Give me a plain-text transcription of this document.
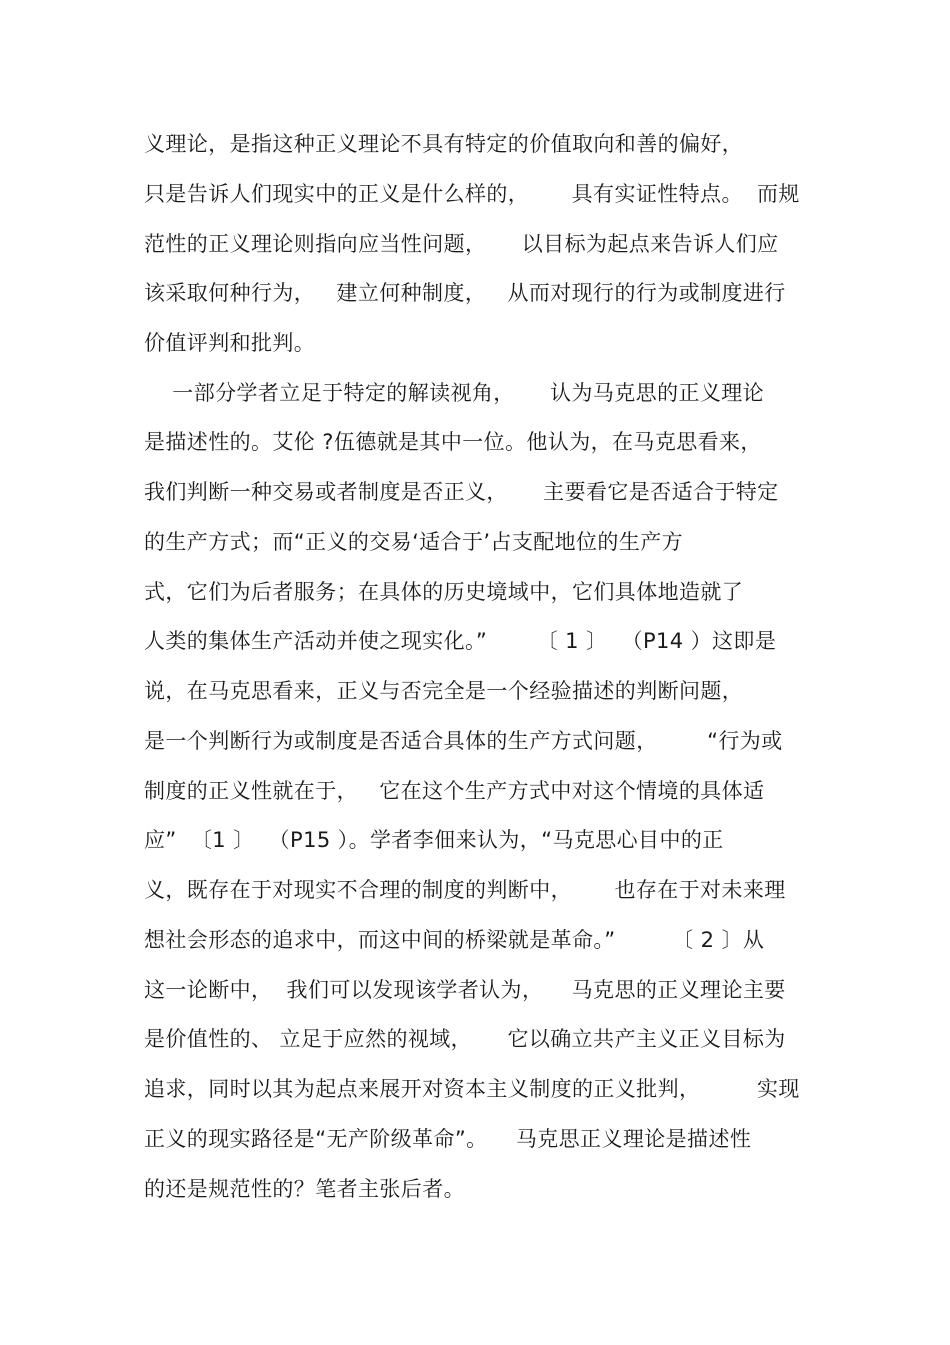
义理论，是指这种正义理论不具有特定的价值取向和善的偏好，
只是告诉人们现实中的正义是什么样的，      具有实证性特点。  而规
范性的正义理论则指向应当性问题，     以目标为起点来告诉人们应
该采取何种行为，   建立何种制度，   从而对现行的行为或制度进行
价值评判和批判。
一部分学者立足于特定的解读视角，     认为马克思的正义理论
是描述性的。艾伦 ?伍德就是其中一位。他认为，在马克思看来，
我们判断一种交易或者制度是否正义，     主要看它是否适合于特定
的生产方式；而“正义的交易‘适合于’占支配地位的生产方
式，它们为后者服务；在具体的历史境域中，它们具体地造就了
人类的集体生产活动并使之现实化。”       〔 1 〕  （P14 ）这即是
说，在马克思看来，正义与否完全是一个经验描述的判断问题，
是一个判断行为或制度是否适合具体的生产方式问题，       “行为或
制度的正义性就在于，   它在这个生产方式中对这个情境的具体适
应”  〔1 〕  （P15 ）。学者李佃来认为，“马克思心目中的正
义，既存在于对现实不合理的制度的判断中，      也存在于对未来理
想社会形态的追求中，而这中间的桥梁就是革命。”        〔 2 〕从
这一论断中，  我们可以发现该学者认为，    马克思的正义理论主要
是价值性的、 立足于应然的视域，     它以确立共产主义正义目标为
追求，同时以其为起点来展开对资本主义制度的正义批判，        实现
正义的现实路径是“无产阶级革命”。    马克思正义理论是描述性
的还是规范性的？笔者主张后者。
